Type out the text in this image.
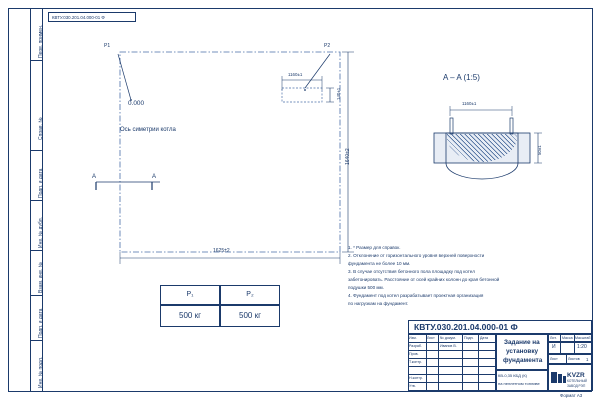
Перв. примен.
Справ. №
Подп. и дата
Инв. № дубл.
Взам. инв. №
Подп. и дата
Инв. № подл.
КВТУ.030.201.04.000-01 Ф
P1	P2
0.000
Ось симетрии котла
A	A
1625±2
1640±2
1160±1
140±1
A – A (1:5)
1160±1
50±1
P₁	P₂
500 кг	500 кг
1. * Размер для справок.
2. Отклонение от горизонтального уровня верхней поверхности
фундамента не более 10 мм.
3. В случае отсутствия бетонного пола площадку под котел
забетонировать. Расстояние от осей крайних колонн до края бетонной
подушки 500 мм.
4. Фундамент под котел разрабатывает проектная организация
по нагрузкам на фундамент.
КВТУ.030.201.04.000-01 Ф
Изм.	Лист № докум. Подп. Дата
Разраб.	Иванов В.
Пров.
Т.контр.
Н.контр.
Утв.
Задание на
установку
фундамента
Лит. Масса Масштаб
И	1:20
Лист	Листов 1
КВ-0,35 КБД (К)
на пеллетном топливе
KVZR
КОТЕЛЬНЫЙ
ЗАВОД РЭП
Формат А3
